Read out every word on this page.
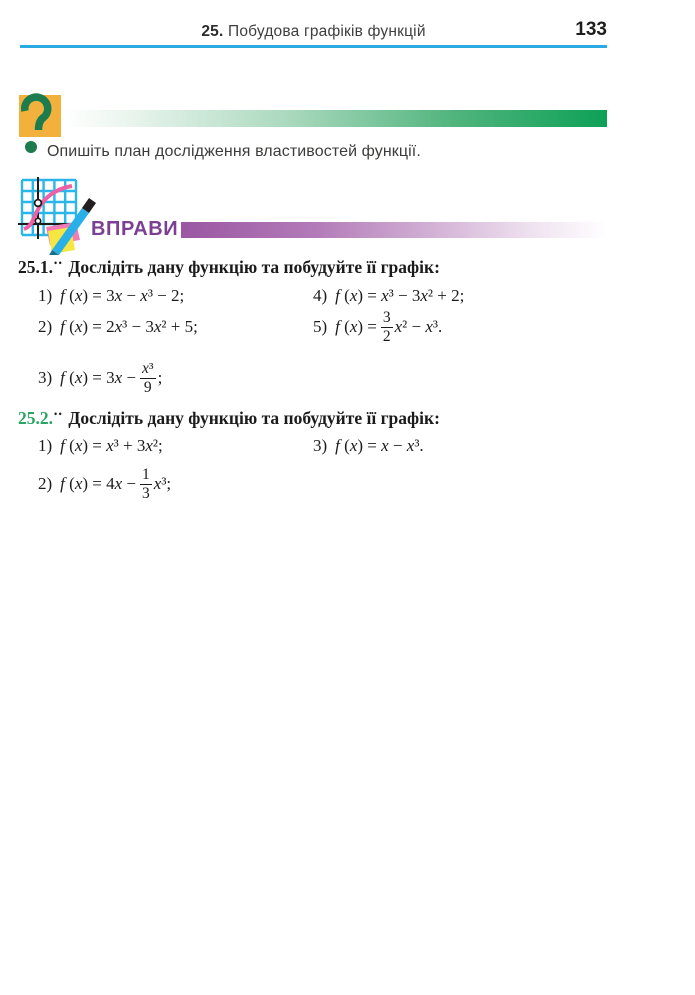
25. Побудова графіків функцій	133
Опишіть план дослідження властивостей функції.
ВПРАВИ
25.1.•• Дослідіть дану функцію та побудуйте її графік:
1) f (x) = 3x − x³ − 2;	4) f (x) = x³ − 3x² + 2;
2) f (x) = 2x³ − 3x² + 5;	5) f $(x) = \frac{3}{2} x^2 - x^3$.
3) f $(x) = 3x - \frac{\text{x³}}{9}$ ;
25.2.•• Дослідіть дану функцію та побудуйте її графік:
1) f (x) = x³ + 3x²;	3) f (x) = x − x³.
2) f $(x) = 4x - \frac{1}{3} x^3$;
